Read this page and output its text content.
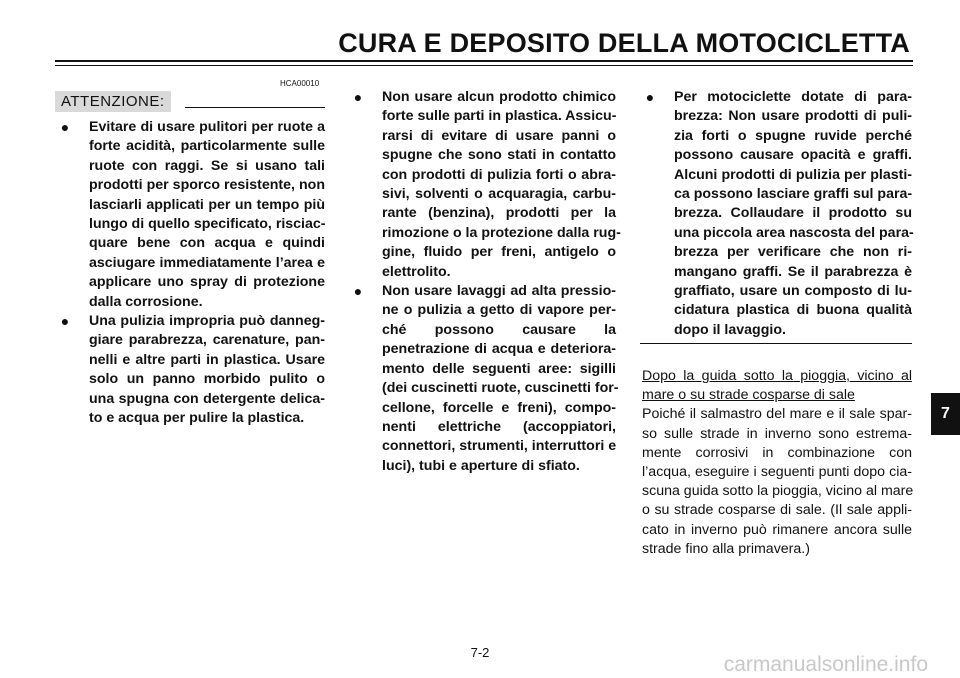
CURA E DEPOSITO DELLA MOTOCICLETTA
HCA00010
ATTENZIONE:

●	Evitare di usare pulitori per ruote a
forte acidità, particolarmente sulle
ruote con raggi. Se si usano tali
prodotti per sporco resistente, non
lasciarli applicati per un tempo più
lungo di quello specificato, risciac-
quare bene con acqua e quindi
asciugare immediatamente l’area e
applicare uno spray di protezione
dalla corrosione.

●	Una pulizia impropria può danneg-
giare parabrezza, carenature, pan-
nelli e altre parti in plastica. Usare
solo un panno morbido pulito o
una spugna con detergente delica-
to e acqua per pulire la plastica.

●	Non usare alcun prodotto chimico
forte sulle parti in plastica. Assicu-
rarsi di evitare di usare panni o
spugne che sono stati in contatto
con prodotti di pulizia forti o abra-
sivi, solventi o acquaragia, carbu-
rante (benzina), prodotti per la
rimozione o la protezione dalla rug-
gine, fluido per freni, antigelo o
elettrolito.

●	Non usare lavaggi ad alta pressio-
ne o pulizia a getto di vapore per-
ché possono causare la
penetrazione di acqua e deteriora-
mento delle seguenti aree: sigilli
(dei cuscinetti ruote, cuscinetti for-
cellone, forcelle e freni), compo-
nenti elettriche (accoppiatori,
connettori, strumenti, interruttori e
luci), tubi e aperture di sfiato.

●	Per motociclette dotate di para-
brezza: Non usare prodotti di puli-
zia forti o spugne ruvide perché
possono causare opacità e graffi.
Alcuni prodotti di pulizia per plasti-
ca possono lasciare graffi sul para-
brezza. Collaudare il prodotto su
una piccola area nascosta del para-
brezza per verificare che non ri-
mangano graffi. Se il parabrezza è
graffiato, usare un composto di lu-
cidatura plastica di buona qualità
dopo il lavaggio.

Dopo la guida sotto la pioggia, vicino al
mare o su strade cosparse di sale
Poiché il salmastro del mare e il sale spar-
so sulle strade in inverno sono estrema-
mente corrosivi in combinazione con
l’acqua, eseguire i seguenti punti dopo cia-
scuna guida sotto la pioggia, vicino al mare
o su strade cosparse di sale. (Il sale appli-
cato in inverno può rimanere ancora sulle
strade fino alla primavera.)
7
7-2
carmanualsonline.info
